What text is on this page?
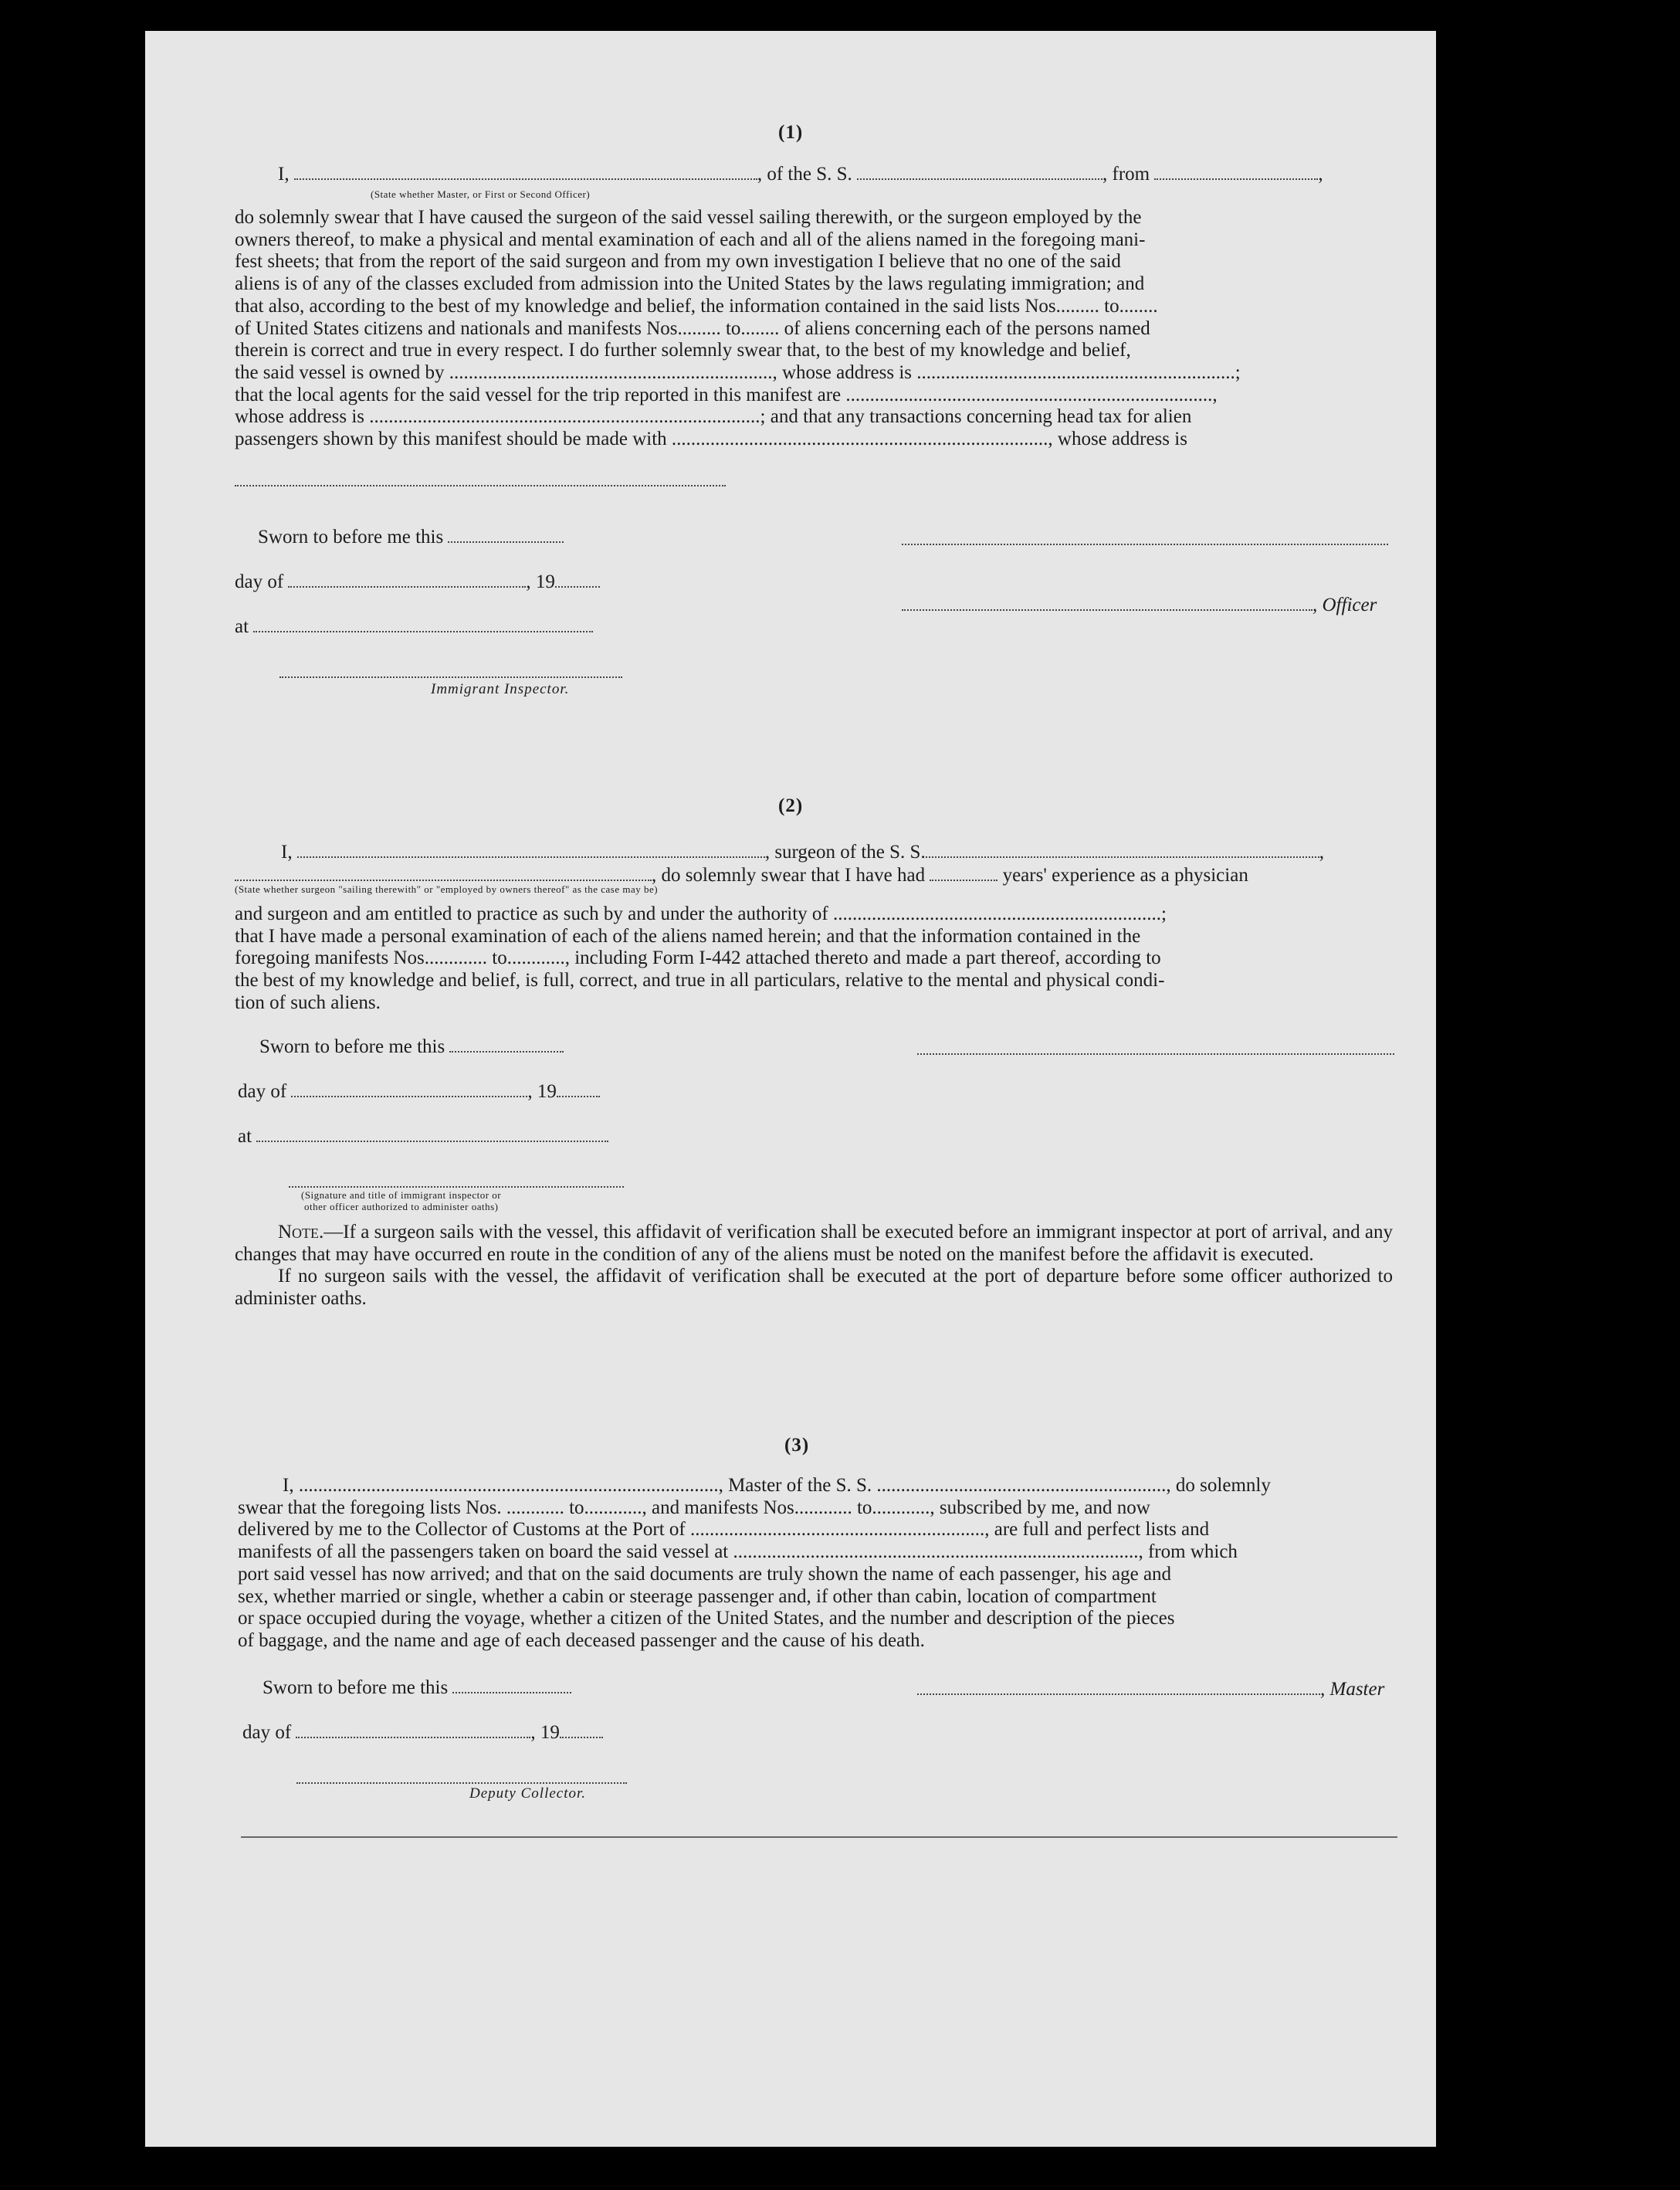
(1)
I,	, of the S. S.	, from	,
(State whether Master, or First or Second Officer)

do solemnly swear that I have caused the surgeon of the said vessel sailing therewith, or the surgeon employed by the

owners thereof, to make a physical and mental examination of each and all of the aliens named in the foregoing mani-

fest sheets; that from the report of the said surgeon and from my own investigation I believe that no one of the said

aliens is of any of the classes excluded from admission into the United States by the laws regulating immigration; and

that also, according to the best of my knowledge and belief, the information contained in the said lists Nos......... to........

of United States citizens and nationals and manifests Nos......... to........ of aliens concerning each of the persons named

therein is correct and true in every respect. I do further solemnly swear that, to the best of my knowledge and belief,

the said vessel is owned by ..................................................................., whose address is ..................................................................;

that the local agents for the said vessel for the trip reported in this manifest are ............................................................................,

whose address is .................................................................................; and that any transactions concerning head tax for alien

passengers shown by this manifest should be made with .............................................................................., whose address is

Sworn to before me this
day of	, 19
, Officer
at
Immigrant Inspector.
(2)
I,	, surgeon of the S. S.	,
, do solemnly swear that I have had	years' experience as a physician
(State whether surgeon "sailing therewith" or "employed by owners thereof" as the case may be)

and surgeon and am entitled to practice as such by and under the authority of ....................................................................;

that I have made a personal examination of each of the aliens named herein; and that the information contained in the

foregoing manifests Nos............. to............, including Form I-442 attached thereto and made a part thereof, according to

the best of my knowledge and belief, is full, correct, and true in all particulars, relative to the mental and physical condi-

tion of such aliens.

Sworn to before me this
day of	, 19
at
(Signature and title of immigrant inspector or
other officer authorized to administer oaths)

Note.—If a surgeon sails with the vessel, this affidavit of verification shall be executed before an immigrant inspector at port of arrival, and any changes that may have occurred en route in the condition of any of the aliens must be noted on the manifest before the affidavit is executed.

If no surgeon sails with the vessel, the affidavit of verification shall be executed at the port of departure before some officer authorized to administer oaths.

(3)

I, ......................................................................................., Master of the S. S. ............................................................, do solemnly

swear that the foregoing lists Nos. ............ to............, and manifests Nos............ to............, subscribed by me, and now

delivered by me to the Collector of Customs at the Port of ............................................................., are full and perfect lists and

manifests of all the passengers taken on board the said vessel at ...................................................................................., from which

port said vessel has now arrived; and that on the said documents are truly shown the name of each passenger, his age and

sex, whether married or single, whether a cabin or steerage passenger and, if other than cabin, location of compartment

or space occupied during the voyage, whether a citizen of the United States, and the number and description of the pieces

of baggage, and the name and age of each deceased passenger and the cause of his death.

Sworn to before me this	, Master
day of	, 19
Deputy Collector.
